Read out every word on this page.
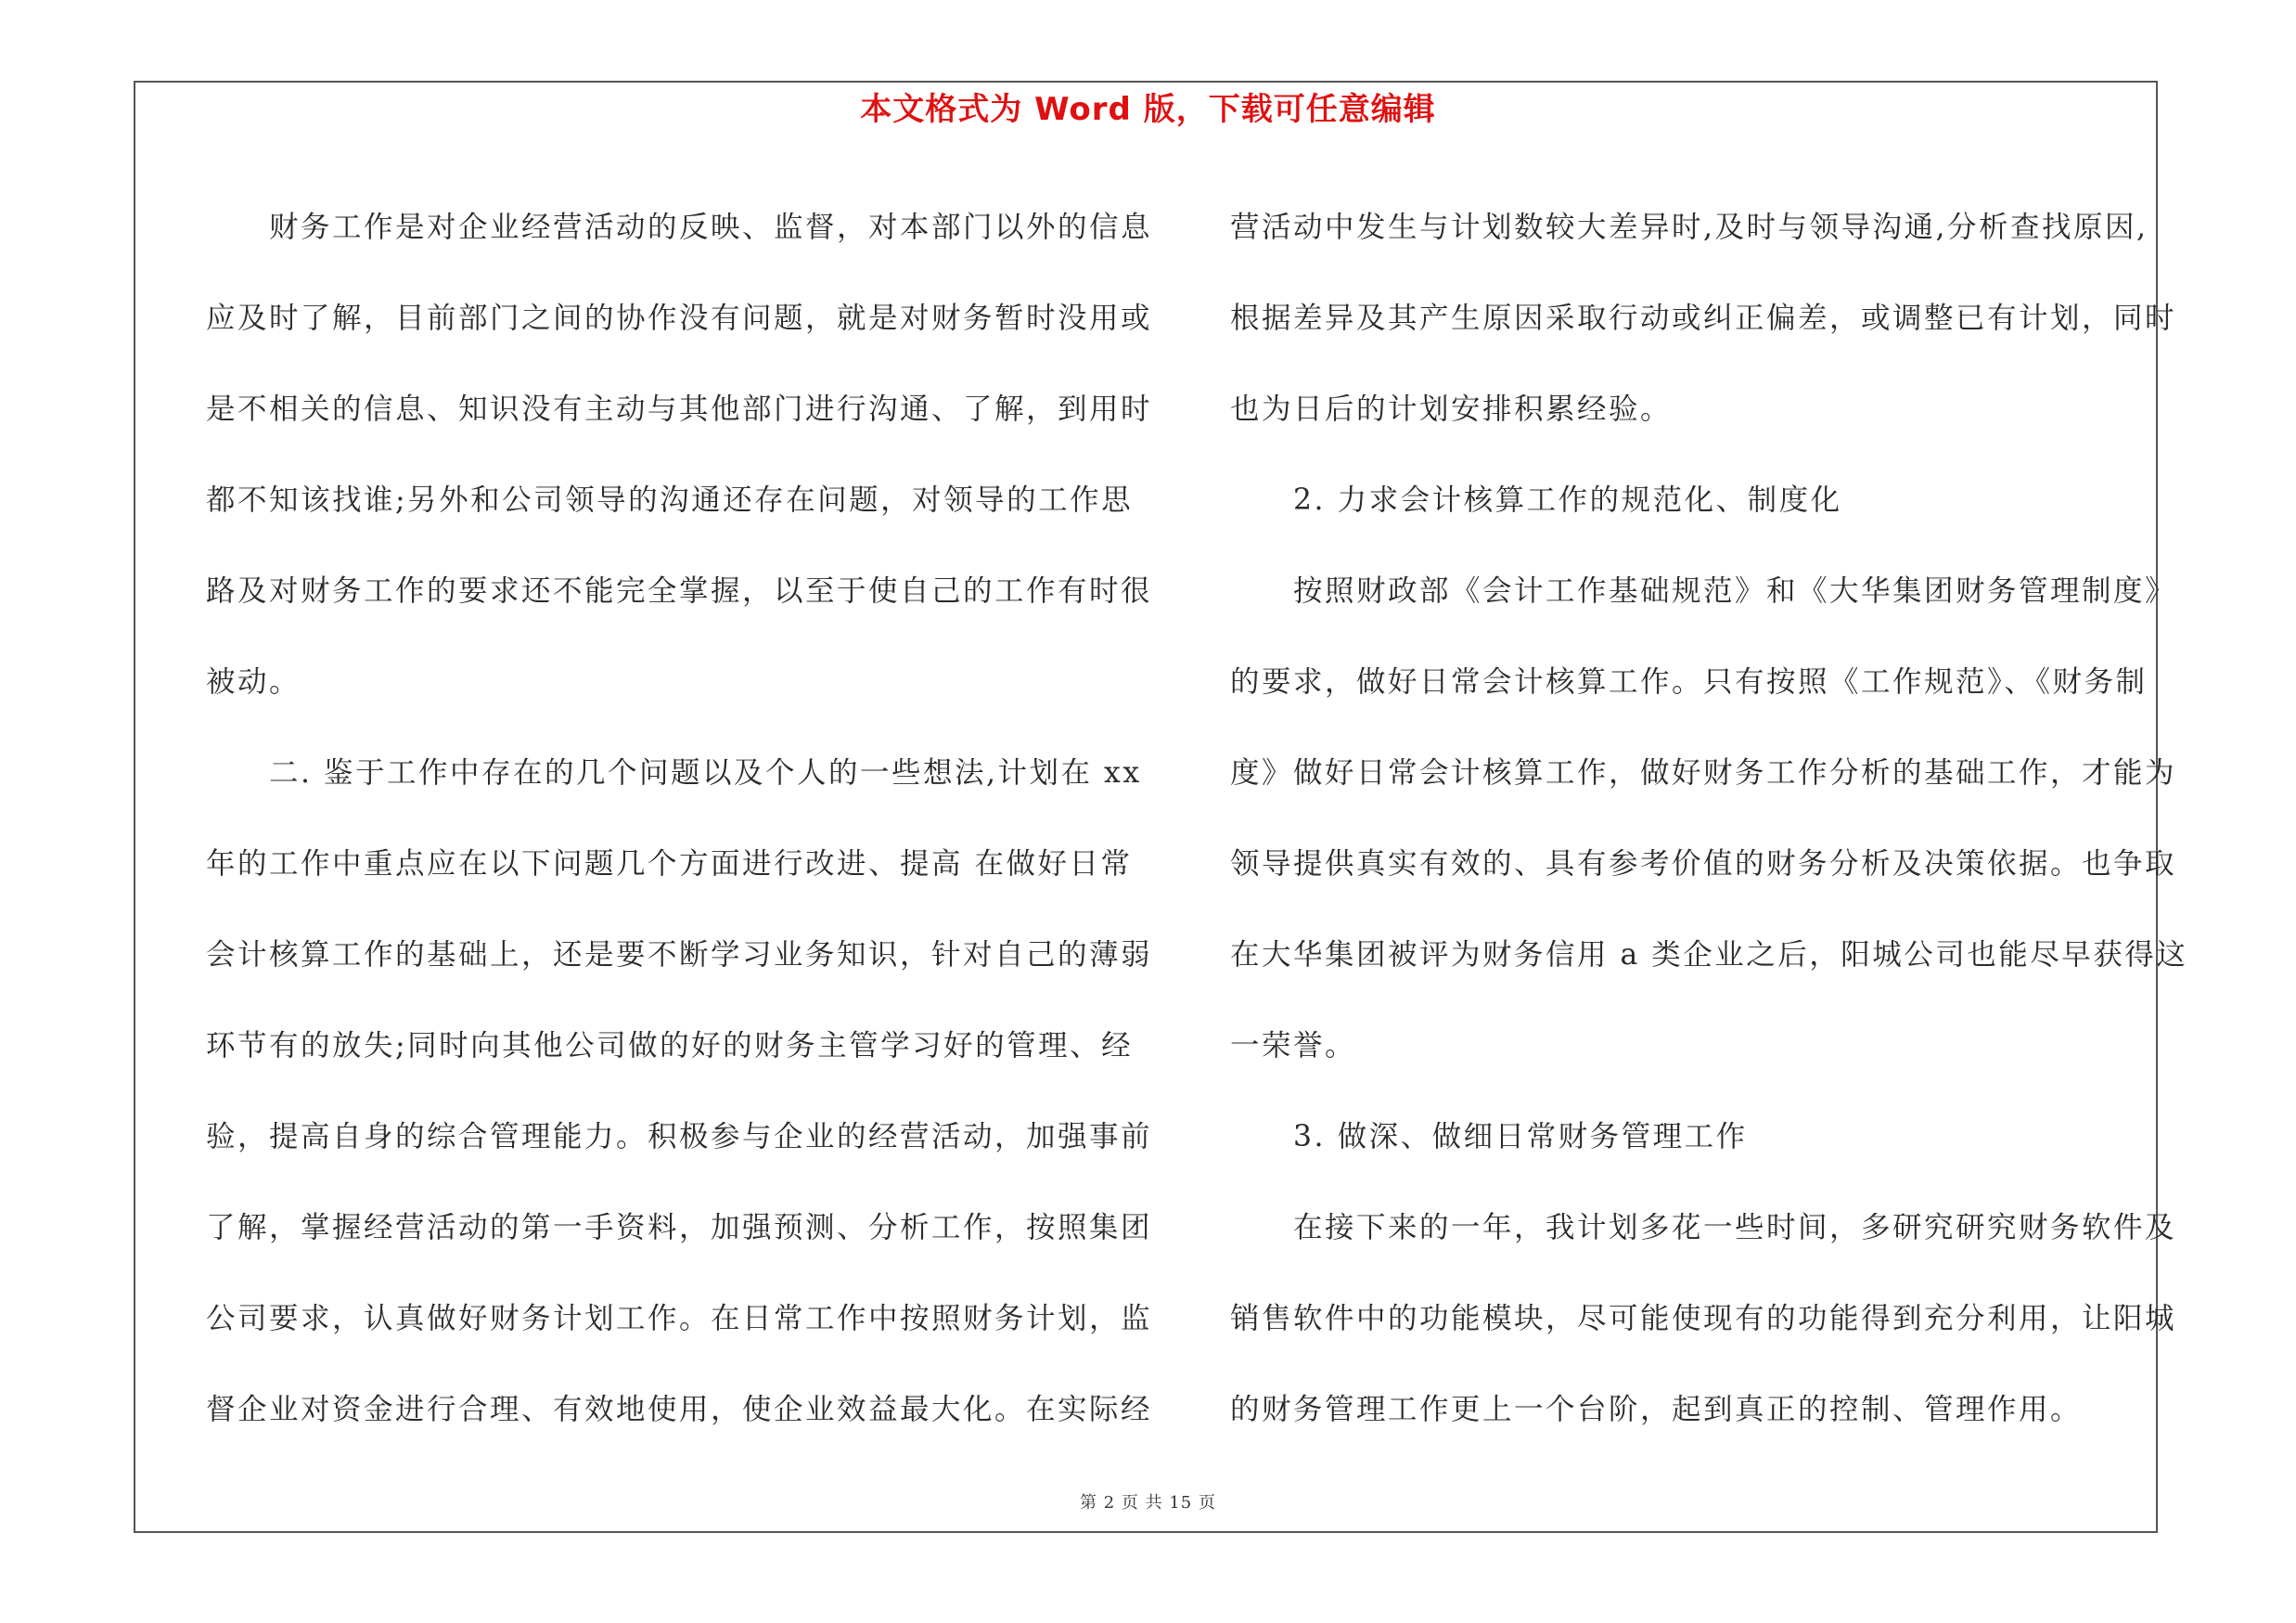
本文格式为 Word 版，下载可任意编辑
　　财务工作是对企业经营活动的反映、监督，对本部门以外的信息
应及时了解，目前部门之间的协作没有问题，就是对财务暂时没用或
是不相关的信息、知识没有主动与其他部门进行沟通、了解，到用时
都不知该找谁;另外和公司领导的沟通还存在问题，对领导的工作思
路及对财务工作的要求还不能完全掌握，以至于使自己的工作有时很
被动。
　　二. 鉴于工作中存在的几个问题以及个人的一些想法,计划在 xx
年的工作中重点应在以下问题几个方面进行改进、提高 在做好日常
会计核算工作的基础上，还是要不断学习业务知识，针对自己的薄弱
环节有的放失;同时向其他公司做的好的财务主管学习好的管理、经
验，提高自身的综合管理能力。积极参与企业的经营活动，加强事前
了解，掌握经营活动的第一手资料，加强预测、分析工作，按照集团
公司要求，认真做好财务计划工作。在日常工作中按照财务计划，监
督企业对资金进行合理、有效地使用，使企业效益最大化。在实际经
营活动中发生与计划数较大差异时,及时与领导沟通,分析查找原因,
根据差异及其产生原因采取行动或纠正偏差，或调整已有计划，同时
也为日后的计划安排积累经验。
　　2. 力求会计核算工作的规范化、制度化
　　按照财政部《会计工作基础规范》和《大华集团财务管理制度》
的要求，做好日常会计核算工作。只有按照《工作规范》、《财务制
度》做好日常会计核算工作，做好财务工作分析的基础工作，才能为
领导提供真实有效的、具有参考价值的财务分析及决策依据。也争取
在大华集团被评为财务信用 a 类企业之后，阳城公司也能尽早获得这
一荣誉。
　　3. 做深、做细日常财务管理工作
　　在接下来的一年，我计划多花一些时间，多研究研究财务软件及
销售软件中的功能模块，尽可能使现有的功能得到充分利用，让阳城
的财务管理工作更上一个台阶，起到真正的控制、管理作用。
第 2 页 共 15 页
